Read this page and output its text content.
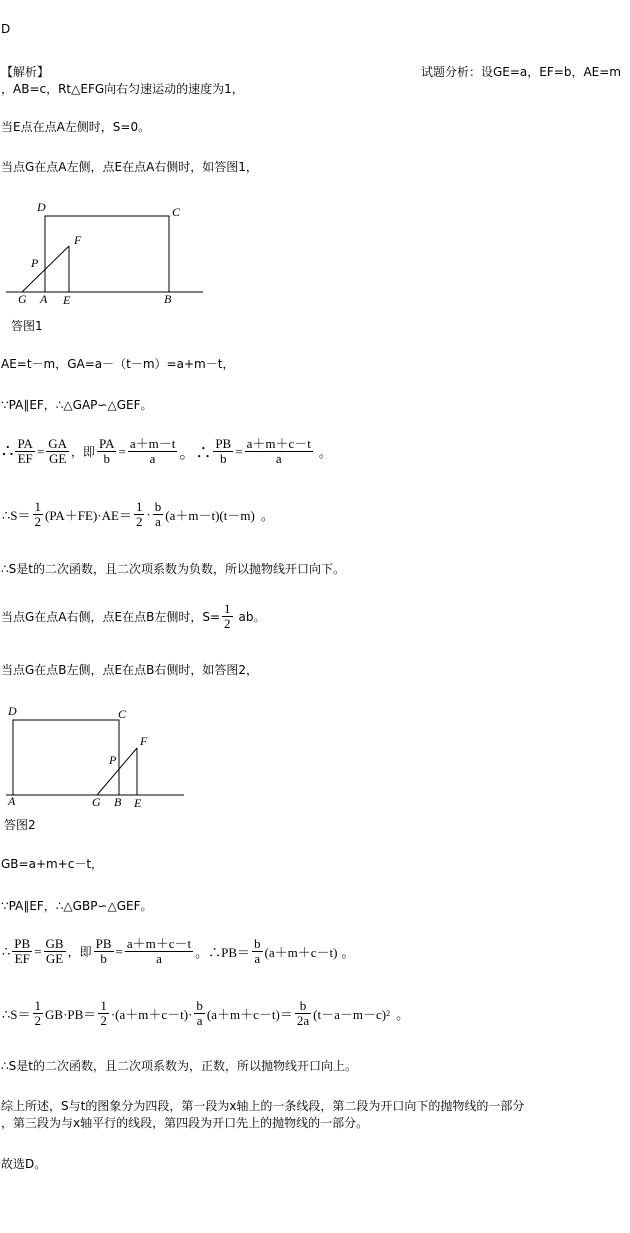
D
【解析】	试题分析：设GE=a，EF=b，AE=m
，AB=c，Rt△EFG向右匀速运动的速度为1，
当E点在点A左侧时，S=0。
当点G在点A左侧，点E在点A右侧时，如答图1，
D	C
F
P
G A E	B
答图1
AE=t－m，GA=a－（t－m）=a+m－t，
∵PA∥EF，∴△GAP∽△GEF。
∴ $\frac{PA}{EF} = \frac{GA}{GE}$ ，即 $\frac{PA}{b} = \frac{a+m-t}{a}$ 。∴ $\frac{PB}{b} = \frac{a+m+c-t}{a}$ 。
∴S＝ $\frac{1}{2} (PA+FE)\cdot AE= \frac{1}{2} \cdot \frac{b}{a} (a+m-t)(t-m)$ 。
∴S是t的二次函数，且二次项系数为负数，所以抛物线开口向下。
当点G在点A右侧，点E在点B左侧时，$S= \frac{1}{2}$ ab。
当点G在点B左侧，点E在点B右侧时，如答图2，
D	C
F
P
A	G B E
答图2
GB=a+m+c－t，
∵PA∥EF，∴△GBP∽△GEF。
∴ $\frac{PB}{EF} = \frac{GB}{GE}$ ，即 $\frac{PB}{b} = \frac{a+m+c-t}{a}$ 。∴PB＝ $\frac{b}{a} (a+m+c-t)$ 。
∴S＝ $\frac{1}{2} GB\cdot PB= \frac{1}{2} \cdot(a+m+c-t)\cdot \frac{b}{a} (a+m+c-t)= \frac{b}{2a} (t-a-m-c)$ 2 。
∴S是t的二次函数，且二次项系数为，正数，所以抛物线开口向上。
综上所述，S与t的图象分为四段，第一段为x轴上的一条线段，第二段为开口向下的抛物线的一部分
，第三段为与x轴平行的线段，第四段为开口先上的抛物线的一部分。
故选D。
